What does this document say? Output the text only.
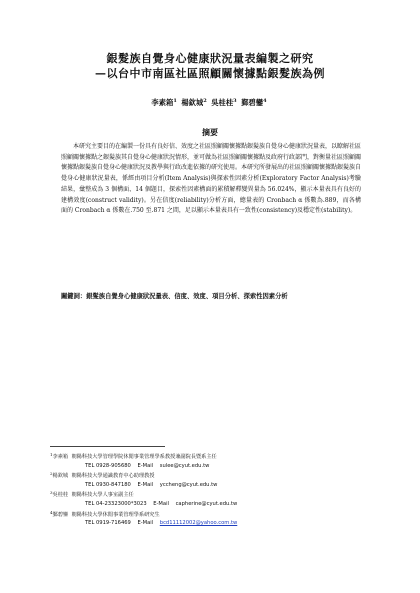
銀髮族自覺身心健康狀況量表編製之研究
—以台中市南區社區照顧關懷據點銀髮族為例
李素箱$^1$ 楊欽城$^2$ 吳桂桂$^3$ 鄞碧鑾$^4$
摘要

本研究主要目的在編製一份具有良好信、效度之社區照顧關懷據點銀髮族自覺身心健康狀況量表，以瞭解社區照顧關懷據點之銀髮族其自覺身心健康狀況情形，並可做為社區照顧關懷據點及政府行政部門，對衡量社區照顧關懷據點銀髮族自覺身心健康狀況及教學與行政改進依據的研究使用。本研究所發展出的社區照顧關懷據點銀髮族自覺身心健康狀況量表，係經由項目分析(Item Analysis)與探索性因素分析(Exploratory Factor Analysis)考驗結果，彙整成為 3 個構面、14 個題目，探索性因素構面的累積解釋變異量為 56.024%，顯示本量表具有良好的建構效度(construct validity)。另在信度(reliability)分析方面，總量表的 Cronbach α 係數為.889，而各構面的 Cronbach α 係數在.750 至.871 之間，足以顯示本量表具有一致性(consistency)及穩定性(stability)。

關鍵詞：銀髮族自覺身心健康狀況量表、信度、效度、項目分析、探索性因素分析

$^1$李素箱 朝陽科技大學管理學院休閒事業管理學系教授兼副院長暨系主任
TEL 0928-905680 E-Mail sulee@cyut.edu.tw
$^2$楊欽城 朝陽科技大學通識教育中心助理教授
TEL 0930-847180 E-Mail yccheng@cyut.edu.tw
$^3$吳桂桂 朝陽科技大學人事室副主任
TEL 04-23323000*3023 E-Mail capherine@cyut.edu.tw
$^4$鄞碧鑾 朝陽科技大學休閒事業管理學系研究生
TEL 0919-716469 E-Mail bcd11112002@yahoo.com.tw
